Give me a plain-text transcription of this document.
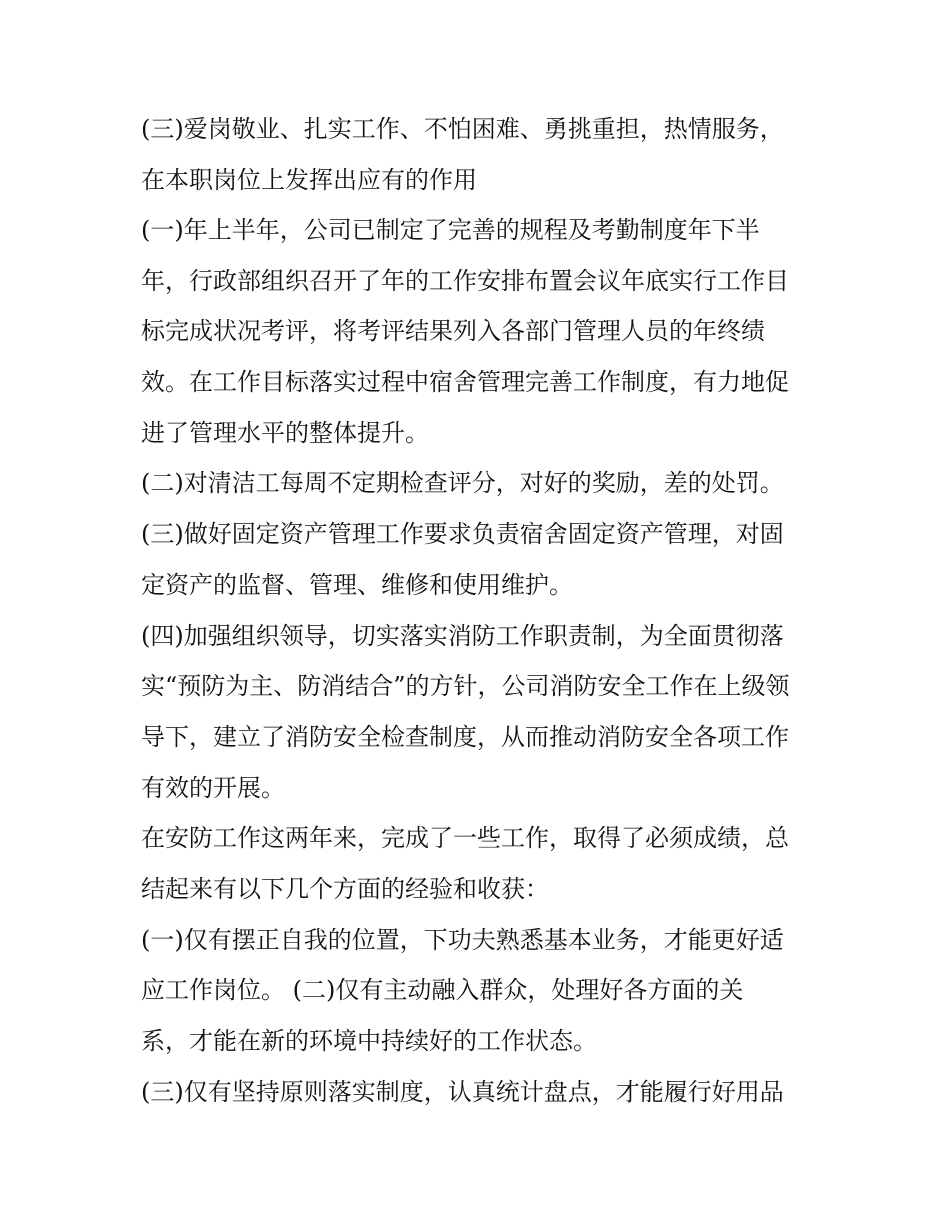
(三)爱岗敬业、扎实工作、不怕困难、勇挑重担，热情服务，
在本职岗位上发挥出应有的作用
(一)年上半年，公司已制定了完善的规程及考勤制度年下半
年，行政部组织召开了年的工作安排布置会议年底实行工作目
标完成状况考评，将考评结果列入各部门管理人员的年终绩
效。在工作目标落实过程中宿舍管理完善工作制度，有力地促
进了管理水平的整体提升。
(二)对清洁工每周不定期检查评分，对好的奖励，差的处罚。
(三)做好固定资产管理工作要求负责宿舍固定资产管理，对固
定资产的监督、管理、维修和使用维护。
(四)加强组织领导，切实落实消防工作职责制，为全面贯彻落
实“预防为主、防消结合”的方针，公司消防安全工作在上级领
导下，建立了消防安全检查制度，从而推动消防安全各项工作
有效的开展。
在安防工作这两年来，完成了一些工作，取得了必须成绩，总
结起来有以下几个方面的经验和收获：
(一)仅有摆正自我的位置，下功夫熟悉基本业务，才能更好适
应工作岗位。 (二)仅有主动融入群众，处理好各方面的关
系，才能在新的环境中持续好的工作状态。
(三)仅有坚持原则落实制度，认真统计盘点，才能履行好用品
